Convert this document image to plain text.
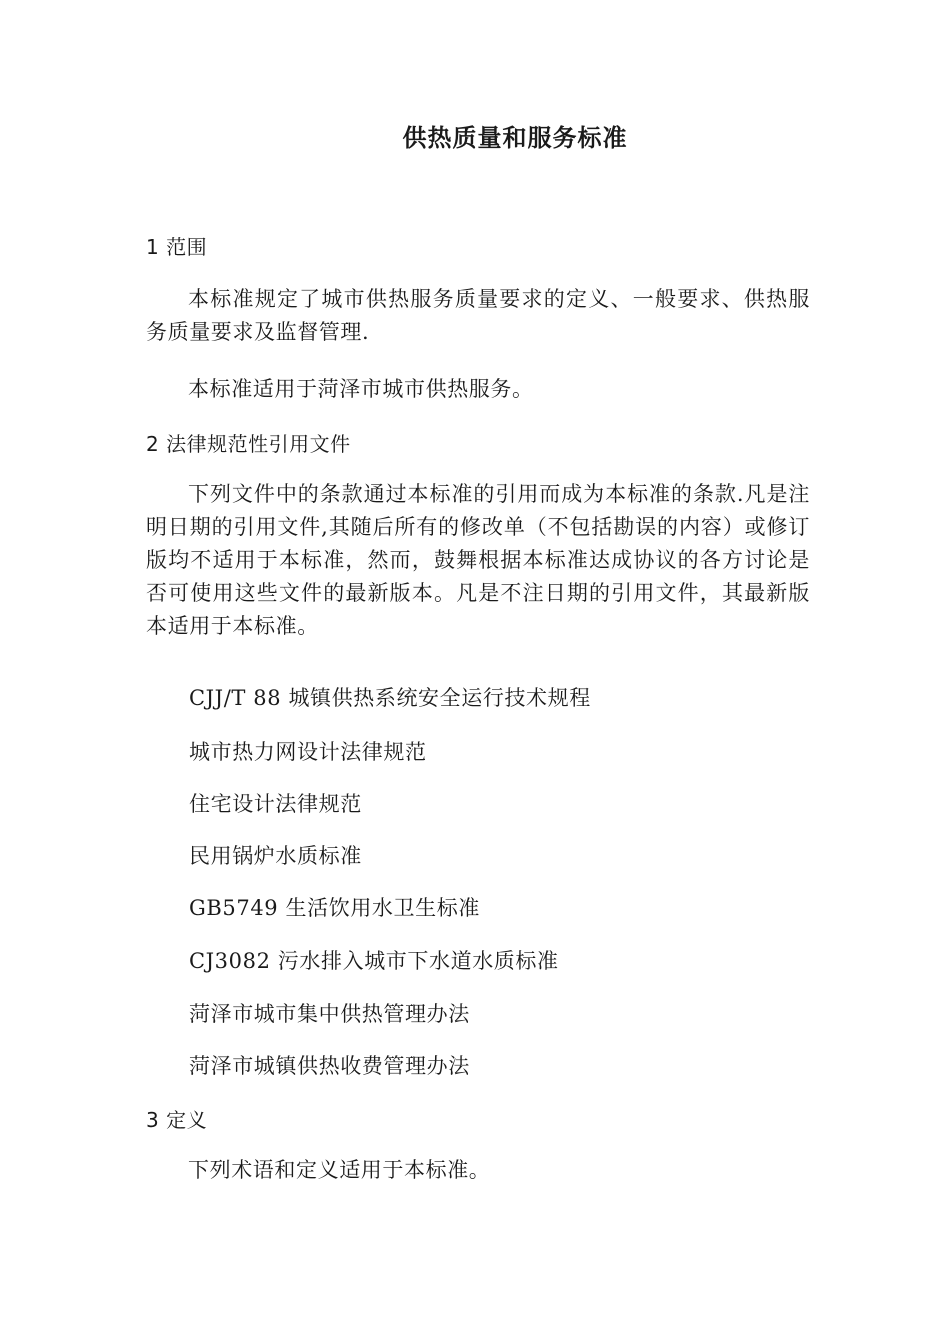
供热质量和服务标准
1 范围
本标准规定了城市供热服务质量要求的定义、一般要求、供热服务质量要求及监督管理.
本标准适用于菏泽市城市供热服务。
2 法律规范性引用文件
下列文件中的条款通过本标准的引用而成为本标准的条款.凡是注明日期的引用文件,其随后所有的修改单（不包括勘误的内容）或修订版均不适用于本标准，然而，鼓舞根据本标准达成协议的各方讨论是否可使用这些文件的最新版本。凡是不注日期的引用文件，其最新版本适用于本标准。
CJJ/T 88 城镇供热系统安全运行技术规程
城市热力网设计法律规范
住宅设计法律规范
民用锅炉水质标准
GB5749 生活饮用水卫生标准
CJ3082 污水排入城市下水道水质标准
菏泽市城市集中供热管理办法
菏泽市城镇供热收费管理办法
3 定义
下列术语和定义适用于本标准。
